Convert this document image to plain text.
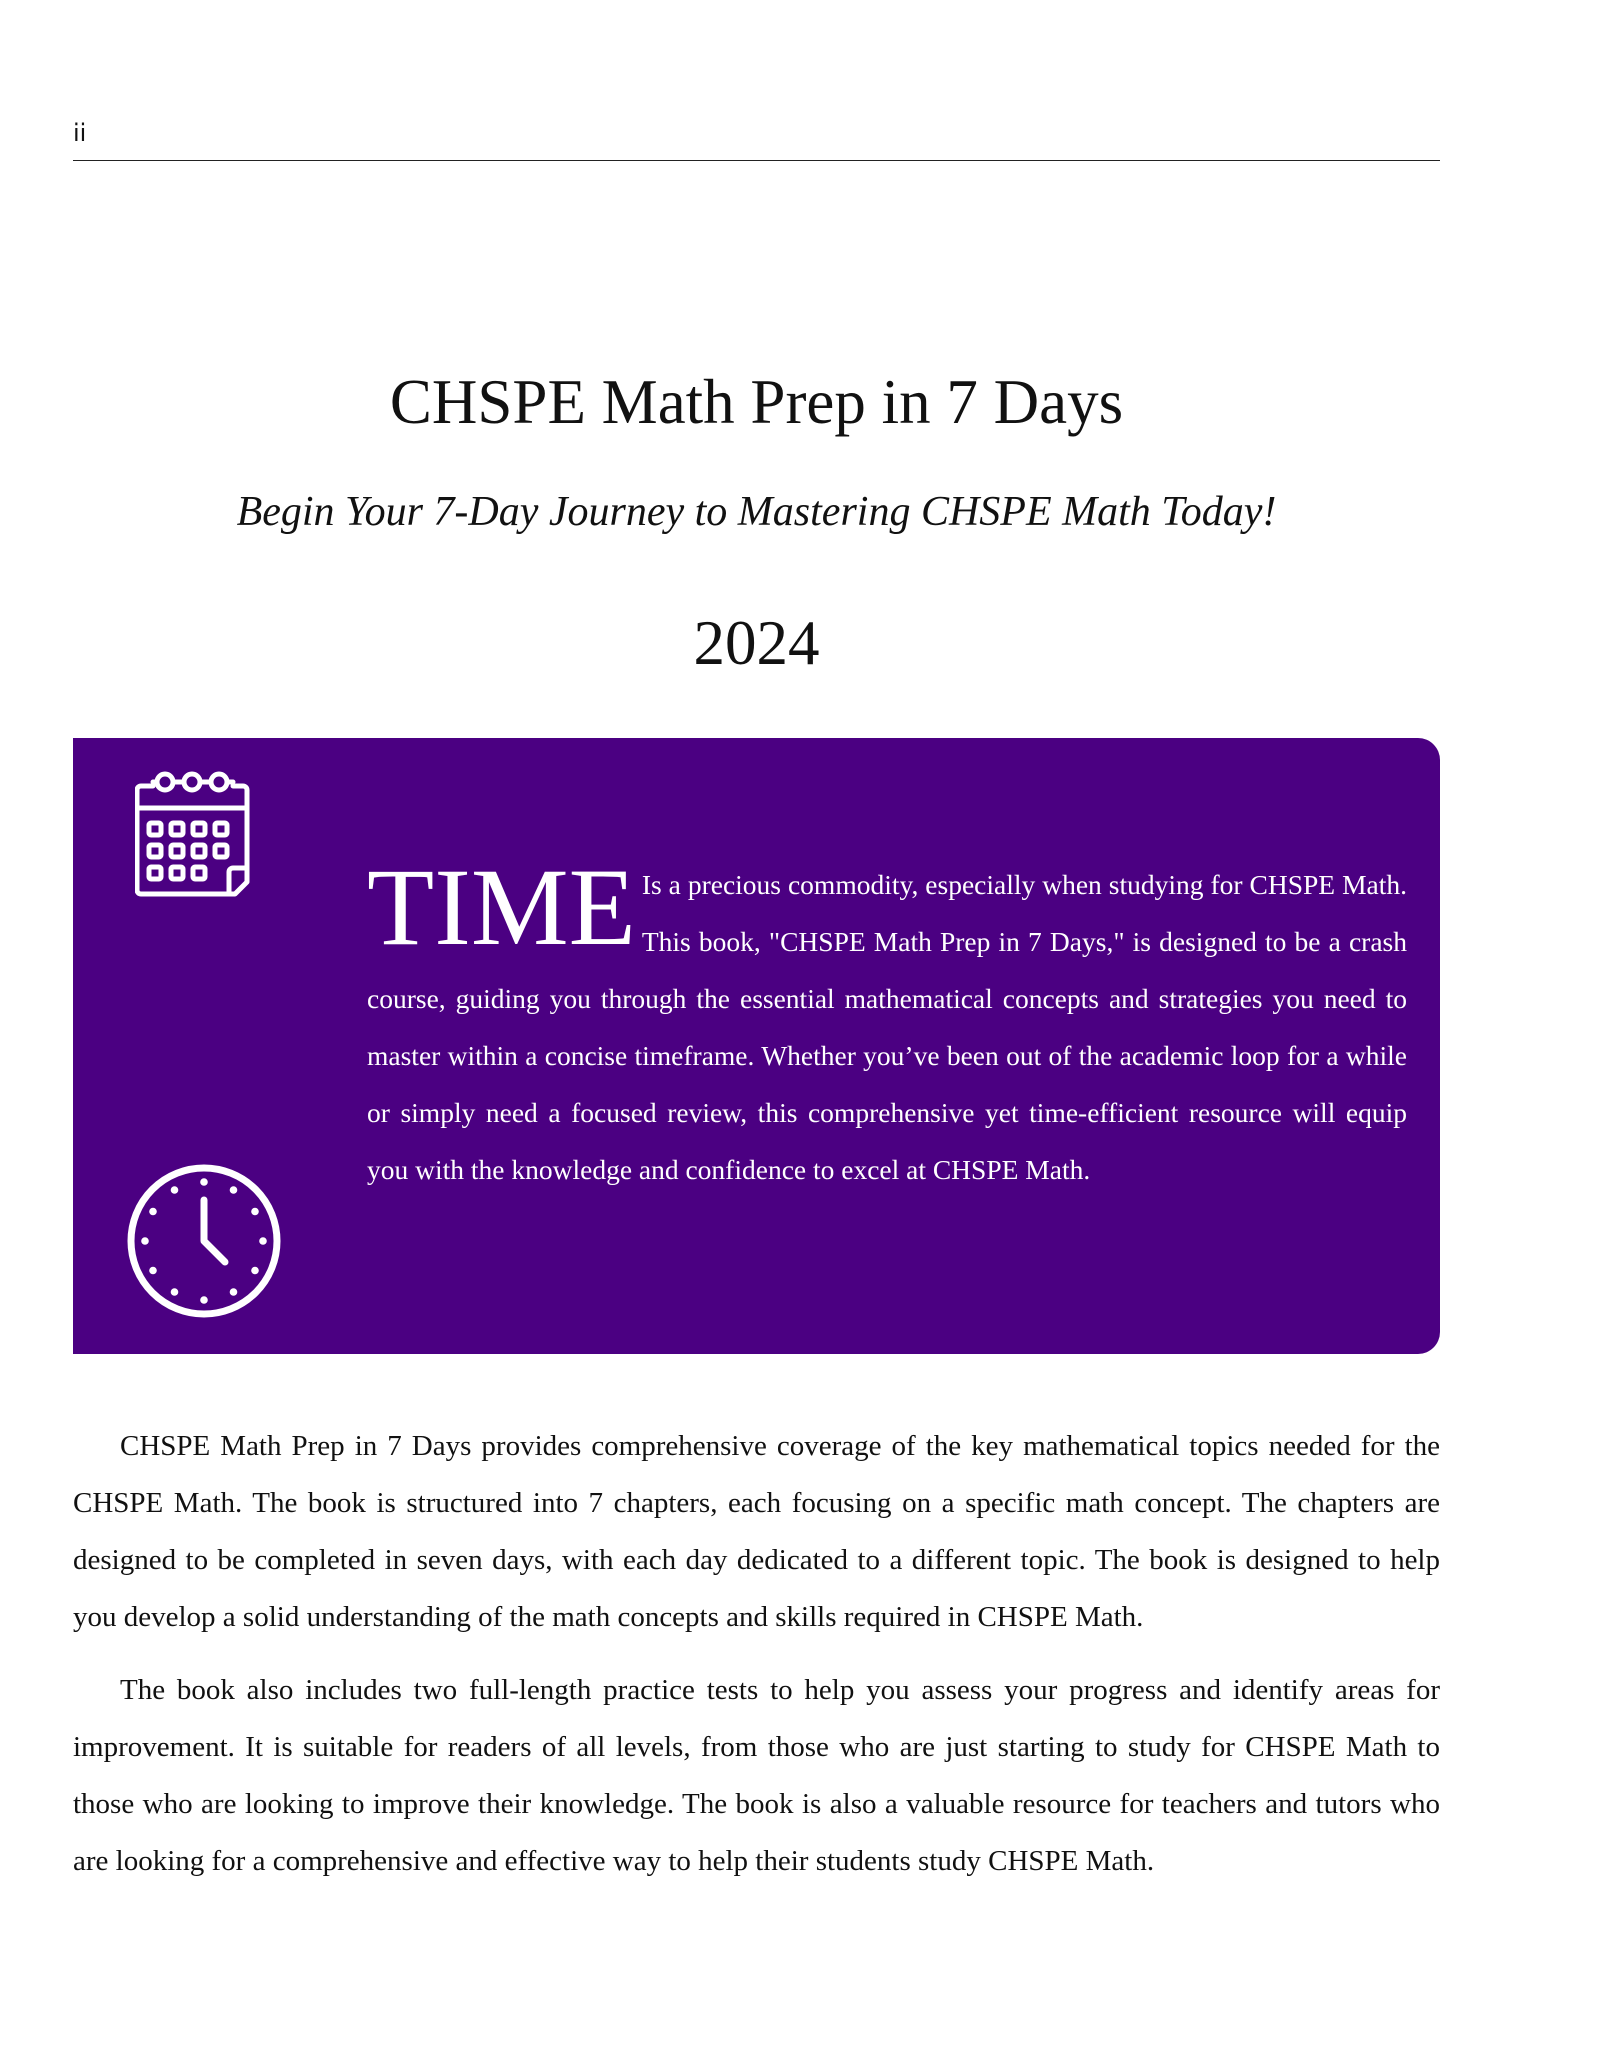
ii
CHSPE Math Prep in 7 Days

Begin Your 7-Day Journey to Mastering CHSPE Math Today!

2024

TIME Is a precious commodity, especially when studying for CHSPE Math. This book, "CHSPE Math Prep in 7 Days," is designed to be a crash course, guiding you through the essential mathematical concepts and strategies you need to master within a concise timeframe. Whether you’ve been out of the academic loop for a while or simply need a focused review, this comprehensive yet time-efficient resource will equip you with the knowledge and confidence to excel at CHSPE Math.

CHSPE Math Prep in 7 Days provides comprehensive coverage of the key mathematical topics needed for the CHSPE Math. The book is structured into 7 chapters, each focusing on a specific math concept. The chapters are designed to be completed in seven days, with each day dedicated to a different topic. The book is designed to help you develop a solid understanding of the math concepts and skills required in CHSPE Math.

The book also includes two full-length practice tests to help you assess your progress and identify areas for improvement. It is suitable for readers of all levels, from those who are just starting to study for CHSPE Math to those who are looking to improve their knowledge. The book is also a valuable resource for teachers and tutors who are looking for a comprehensive and effective way to help their students study CHSPE Math.
